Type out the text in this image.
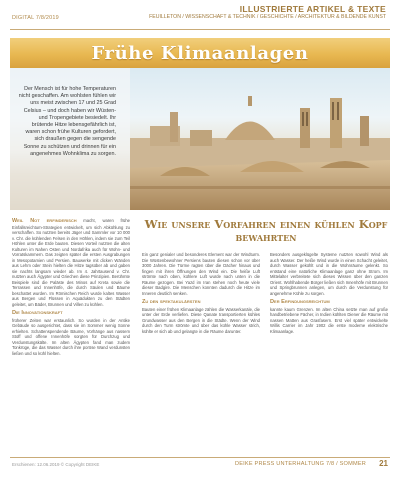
DIGITAL 7/8/2019
ILLUSTRIERTE ARTIKEL & TEXTE
FEUILLETON / WISSENSCHAFT & TECHNIK / GESCHICHTE / ARCHITEKTUR & BILDENDE KUNST
Frühe Klimaanlagen
Der Mensch ist für hohe Temperaturen nicht geschaffen. Am wohlsten fühlen wir uns meist zwischen 17 und 25 Grad Celsius – und doch haben wir Wüsten- und Tropengebiete besiedelt. Ihr brütende Hitze lebensgefährlich ist, waren schon frühe Kulturen gefordert, sich draußen gegen die sengende Sonne zu schützen und drinnen für ein angenehmes Wohnklima zu sorgen.
Weil Not erfinderisch macht, waren frühe Einfallsreichtum-Strategien entwickelt, um sich Abkühlung zu verschaffen. So nutzten bereits Jäger und Sammler vor 10 000 v. Chr. die kühlenden Felsen in den Höhlen, indem sie zum Teil Höhlen unter die Erde bauten. Diesen Vorteil nutzten die alten Kulturen im Nahen Osten und Nordafrika auch für Wohn- und Vorratskammern. Das zeigten später die ersten Ausgrabungen in Mesopotamien und Persien. Bauwerke mit dicken Wänden aus Lehm oder Stein hielten die Hitze tagsüber ab und gaben sie nachts langsam wieder ab. Im 4. Jahrtausend v. Chr. nutzten auch Ägypter und Griechen diese Prinzipien. Berühmte Beispiele sind die Paläste des Minos auf Kreta sowie die Terrassen und Innenhöfe, die durch Säulen und Bäume beschattet wurden. Im Römischen Reich wurde kaltes Wasser aus Bergen und Flüssen in Aquädukten zu den Städten geleitet, um Bäder, Brunnen und Villen zu kühlen.
Die Innovationskraft
früherer Zeiten war erstaunlich. So wurden in der Antike Gebäude so ausgerichtet, dass sie im Sommer wenig Sonne erhielten. Schattenspendende Bäume, Vorhänge aus nassem Stoff und offene Innenhöfe sorgten für Durchzug und Verdunstungskälte. Im alten Ägypten fand man zudem Tonkrüge, die das Wasser durch ihre poröse Wand verdunsten ließen und so kühl hielten.
Wie unsere Vorfahren einen kühlen Kopf bewahrten
Ein ganz genialer und besonderes Element war der Windturm. Die Wüstenbewohner Persiens bauten diesen schon vor über 3000 Jahren. Die Türme ragten über die Dächer hinaus und fingen mit ihren Öffnungen den Wind ein. Die heiße Luft strömte nach oben, kühlere Luft wurde nach unten in die Räume gezogen. Bei Yazd im Iran stehen noch heute viele dieser Badgire. Die Menschen konnten dadurch die Hitze im Inneren deutlich senken.
Zu den spektakulärsten
Bauten einer frühen Klimaanlage zählen die Wasserkanäle, die unter der Erde verliefen. Diese Qanate transportierten kühles Grundwasser aus den Bergen in die Städte. Wenn der Wind durch den Turm strömte und über das kühle Wasser strich, kühlte er sich ab und gelangte in die Räume darunter.
Besonders ausgeklügelte Systeme nutzten sowohl Wind als auch Wasser. Der heiße Wind wurde in einen Schacht geleitet, durch Wasser gekühlt und in die Wohnräume gelenkt. So entstand eine natürliche Klimaanlage ganz ohne Strom. Im Mittelalter verbreitete sich dieses Wissen über den ganzen Orient. Wohlhabende Bürger ließen sich Innenhöfe mit Brunnen und Springbrunnen anlegen, um durch die Verdunstung für angenehme Kühle zu sorgen.
Der Erfindungsreichtum
kannte kaum Grenzen. Im alten China setzte man auf große handbetriebene Fächer, in Indien kühlten Diener die Räume mit nassen Matten aus Grasfasern. Erst viel später entwickelte Willis Carrier im Jahr 1902 die erste moderne elektrische Klimaanlage.
Erschienen: 12.06.2019 © Copyright DEIKE	DEIKE PRESS UNTERHALTUNG 7/8 / SOMMER 21
